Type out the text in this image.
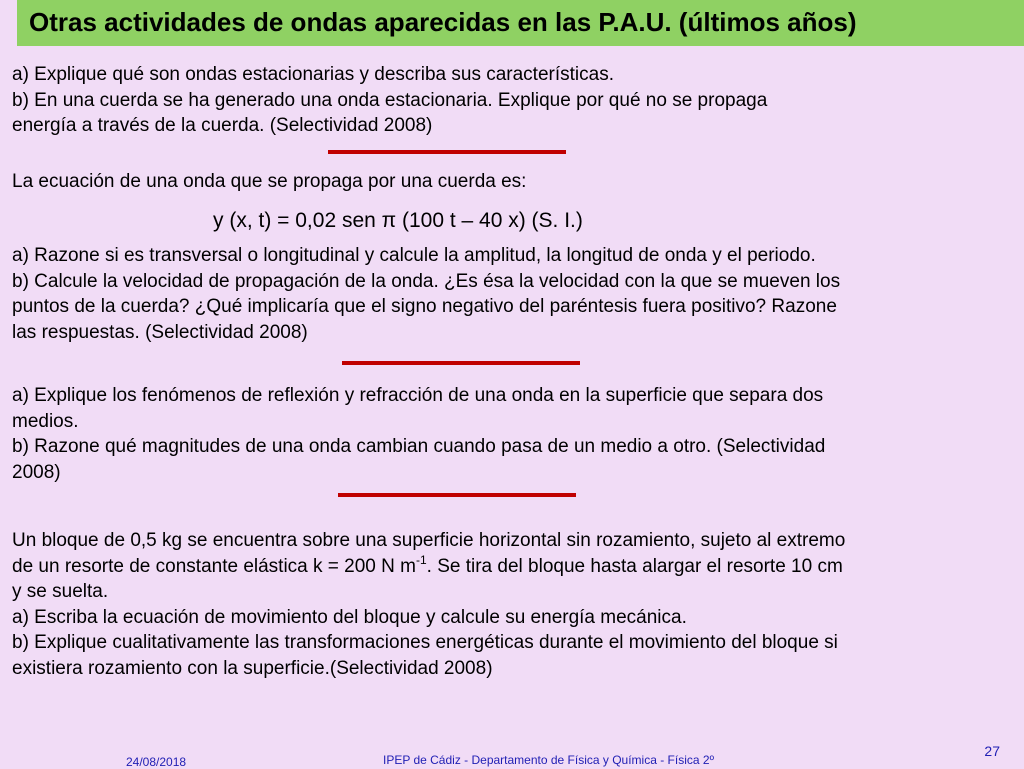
Otras actividades de ondas aparecidas en las P.A.U. (últimos años)
a) Explique qué son ondas estacionarias y describa sus características.
b) En una cuerda se ha generado una onda estacionaria. Explique por qué no se propaga
energía a través de la cuerda. (Selectividad 2008)
La ecuación de una onda que se propaga por una cuerda es:
y (x, t) = 0,02 sen π (100 t – 40 x) (S. I.)
a) Razone si es transversal o longitudinal y calcule la amplitud, la longitud de onda y el periodo.
b) Calcule la velocidad de propagación de la onda. ¿Es ésa la velocidad con la que se mueven los
puntos de la cuerda? ¿Qué implicaría que el signo negativo del paréntesis fuera positivo? Razone
las respuestas. (Selectividad 2008)
a) Explique los fenómenos de reflexión y refracción de una onda en la superficie que separa dos
medios.
b) Razone qué magnitudes de una onda cambian cuando pasa de un medio a otro. (Selectividad
2008)
Un bloque de 0,5 kg se encuentra sobre una superficie horizontal sin rozamiento, sujeto al extremo
de un resorte de constante elástica k = 200 N $m^{-1}$. Se tira del bloque hasta alargar el resorte 10 cm
y se suelta.
a) Escriba la ecuación de movimiento del bloque y calcule su energía mecánica.
b) Explique cualitativamente las transformaciones energéticas durante el movimiento del bloque si
existiera rozamiento con la superficie.(Selectividad 2008)
24/08/2018	IPEP de Cádiz - Departamento de Física y Química - Física 2º
27
